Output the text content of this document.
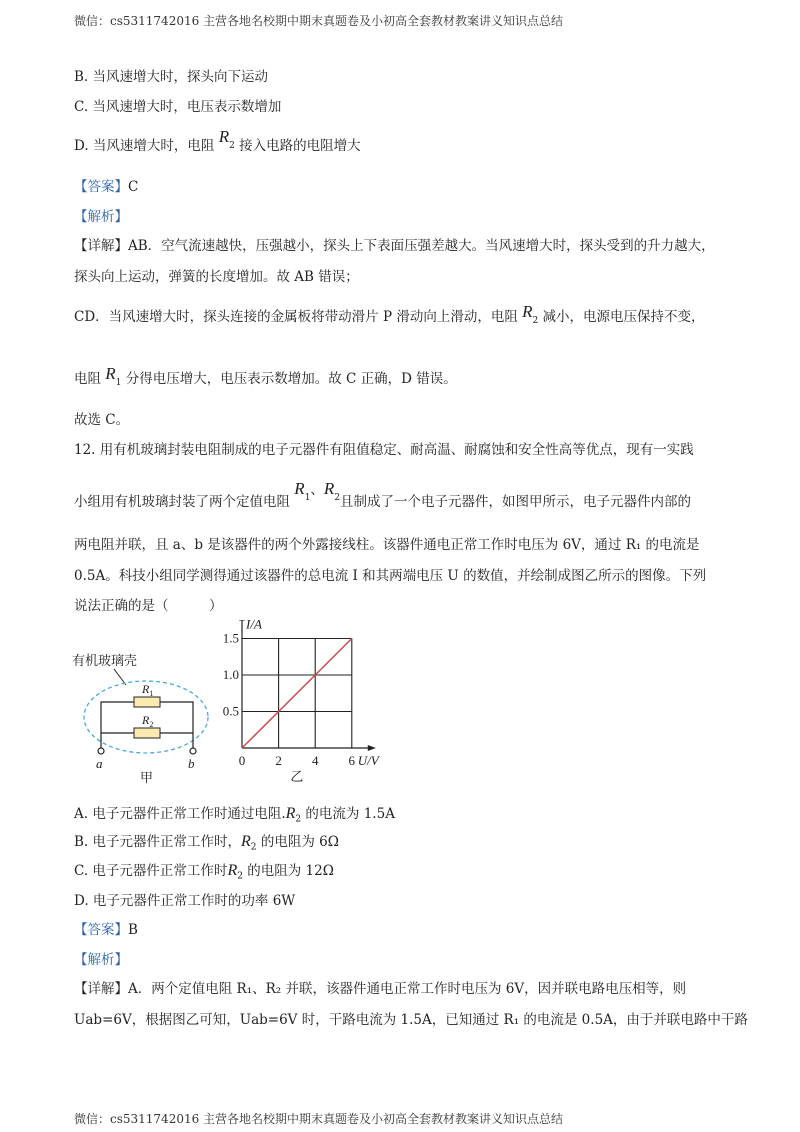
微信：cs5311742016 主营各地名校期中期末真题卷及小初高全套教材教案讲义知识点总结
B. 当风速增大时，探头向下运动
C. 当风速增大时，电压表示数增加
D. 当风速增大时，电阻 $R_2$ 接入电路的电阻增大
【答案】C
【解析】
【详解】AB．空气流速越快，压强越小，探头上下表面压强差越大。当风速增大时，探头受到的升力越大，
探头向上运动，弹簧的长度增加。故 AB 错误；
CD．当风速增大时，探头连接的金属板将带动滑片 P 滑动向上滑动，电阻 $R_2$ 减小，电源电压保持不变，
电阻 $R_1$ 分得电压增大，电压表示数增加。故 C 正确，D 错误。
故选 C。
12. 用有机玻璃封装电阻制成的电子元器件有阻值稳定、耐高温、耐腐蚀和安全性高等优点，现有一实践
小组用有机玻璃封装了两个定值电阻 $R_1$、$R_2$且制成了一个电子元器件，如图甲所示，电子元器件内部的
两电阻并联，且 a、b 是该器件的两个外露接线柱。该器件通电正常工作时电压为 6V，通过 R₁ 的电流是
0.5A。科技小组同学测得通过该器件的总电流 I 和其两端电压 U 的数值，并绘制成图乙所示的图像。下列
说法正确的是（　　　）
有机玻璃壳
$R_1$
$R_2$
a	b
甲
0 2 4 6
0.5
1.0
1.5
I/A
U/V
乙
A. 电子元器件正常工作时通过电阻$.R_2$ 的电流为 1.5A
B. 电子元器件正常工作时，$R_2$ 的电阻为 6Ω
C. 电子元器件正常工作时$R_2$ 的电阻为 12Ω
D. 电子元器件正常工作时的功率 6W
【答案】B
【解析】
【详解】A．两个定值电阻 R₁、R₂ 并联，该器件通电正常工作时电压为 6V，因并联电路电压相等，则
Uab=6V，根据图乙可知，Uab=6V 时，干路电流为 1.5A，已知通过 R₁ 的电流是 0.5A，由于并联电路中干路
微信：cs5311742016 主营各地名校期中期末真题卷及小初高全套教材教案讲义知识点总结
